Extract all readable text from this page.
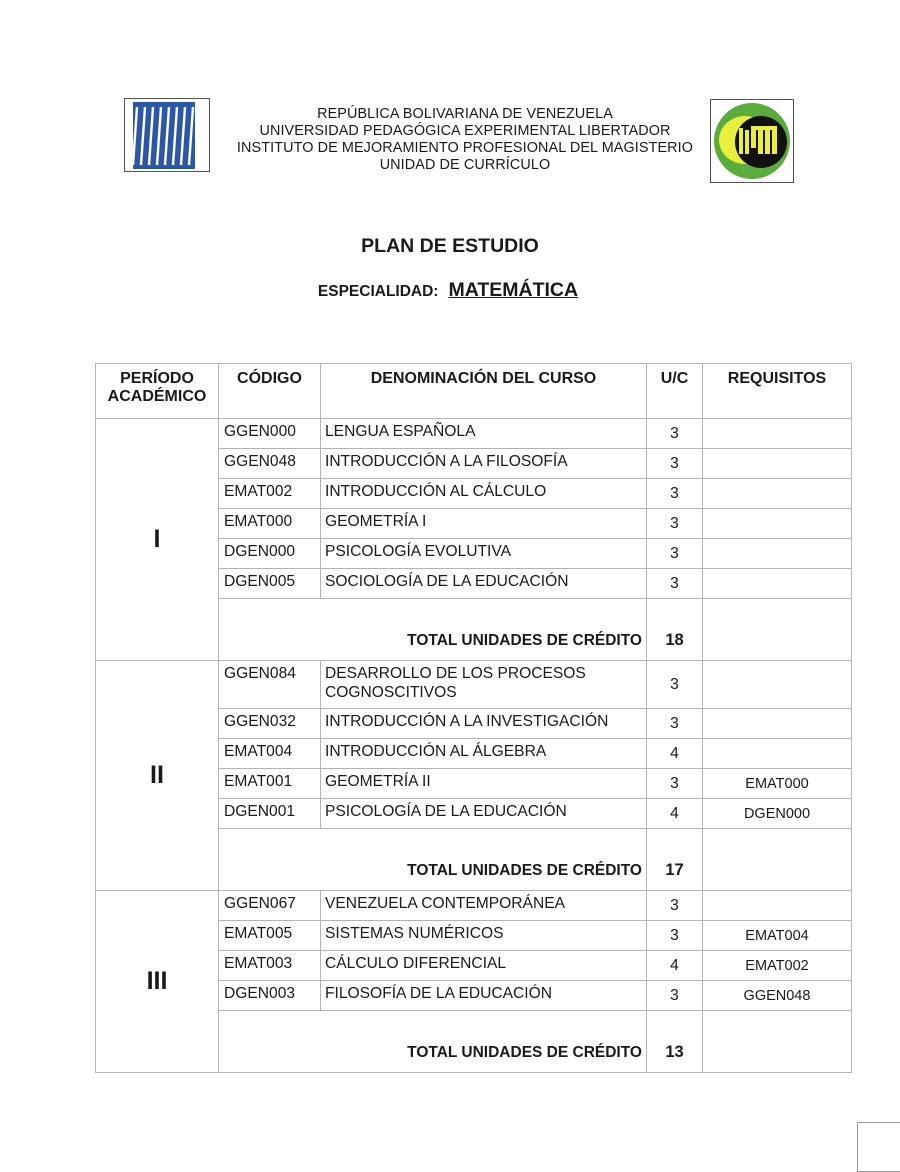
REPÚBLICA BOLIVARIANA DE VENEZUELA
UNIVERSIDAD PEDAGÓGICA EXPERIMENTAL LIBERTADOR
INSTITUTO DE MEJORAMIENTO PROFESIONAL DEL MAGISTERIO
UNIDAD DE CURRÍCULO
PLAN DE ESTUDIO
ESPECIALIDAD: MATEMÁTICA
PERÍODO
ACADÉMICO	CÓDIGO	DENOMINACIÓN DEL CURSO	U/C	REQUISITOS
I	GGEN000	LENGUA ESPAÑOLA	3	

	GGEN048	INTRODUCCIÓN A LA FILOSOFÍA	3	

	EMAT002	INTRODUCCIÓN AL CÁLCULO	3	

	EMAT000	GEOMETRÍA I	3	

	DGEN000	PSICOLOGÍA EVOLUTIVA	3	

	DGEN005	SOCIOLOGÍA DE LA EDUCACIÓN	3	
	TOTAL UNIDADES DE CRÉDITO		18	
II	GGEN084	DESARROLLO DE LOS PROCESOS COGNOSCITIVOS	3	

	GGEN032	INTRODUCCIÓN A LA INVESTIGACIÓN	3	

	EMAT004	INTRODUCCIÓN AL ÁLGEBRA	4	

	EMAT001	GEOMETRÍA II	3	EMAT000

	DGEN001	PSICOLOGÍA DE LA EDUCACIÓN	4	DGEN000
	TOTAL UNIDADES DE CRÉDITO		17	
III	GGEN067	VENEZUELA CONTEMPORÁNEA	3	

	EMAT005	SISTEMAS NUMÉRICOS	3	EMAT004

	EMAT003	CÁLCULO DIFERENCIAL	4	EMAT002

	DGEN003	FILOSOFÍA DE LA EDUCACIÓN	3	GGEN048
	TOTAL UNIDADES DE CRÉDITO		13	
